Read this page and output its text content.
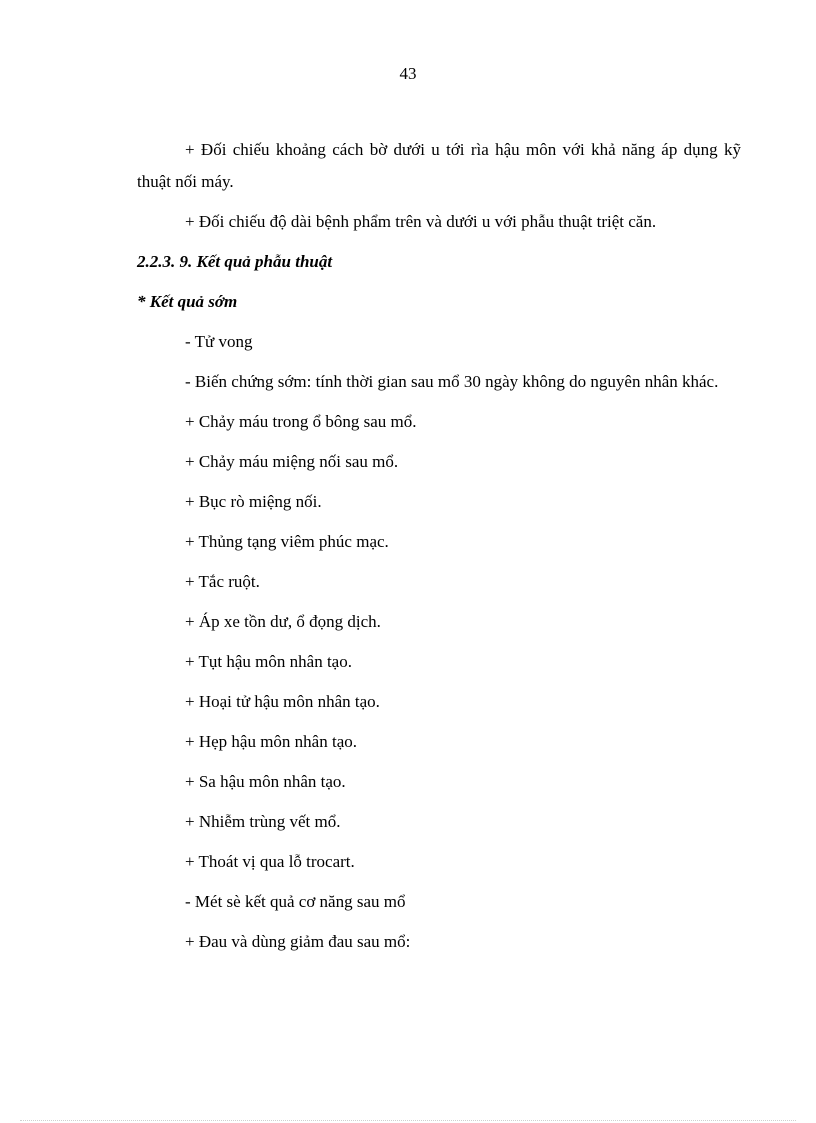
43

+ Đối chiếu khoảng cách bờ dưới u tới rìa hậu môn với khả năng áp dụng kỹ thuật nối máy.

+ Đối chiếu độ dài bệnh phẩm trên và dưới u với phẫu thuật triệt căn.

2.2.3. 9. Kết quả phẫu thuật

* Kết quả sớm

- Tử vong

- Biến chứng sớm: tính thời gian sau mổ 30 ngày không do nguyên nhân khác.

+ Chảy máu trong ổ bông sau mổ.

+ Chảy máu miệng nối sau mổ.

+ Bục rò miệng nối.

+ Thủng tạng viêm phúc mạc.

+ Tắc ruột.

+ Áp xe tồn dư, ổ đọng dịch.

+ Tụt hậu môn nhân tạo.

+ Hoại tử hậu môn nhân tạo.

+ Hẹp hậu môn nhân tạo.

+ Sa hậu môn nhân tạo.

+ Nhiễm trùng vết mổ.

+ Thoát vị qua lỗ trocart.

- Mét sè kết quả cơ năng sau mổ

+ Đau và dùng giảm đau sau mổ:
